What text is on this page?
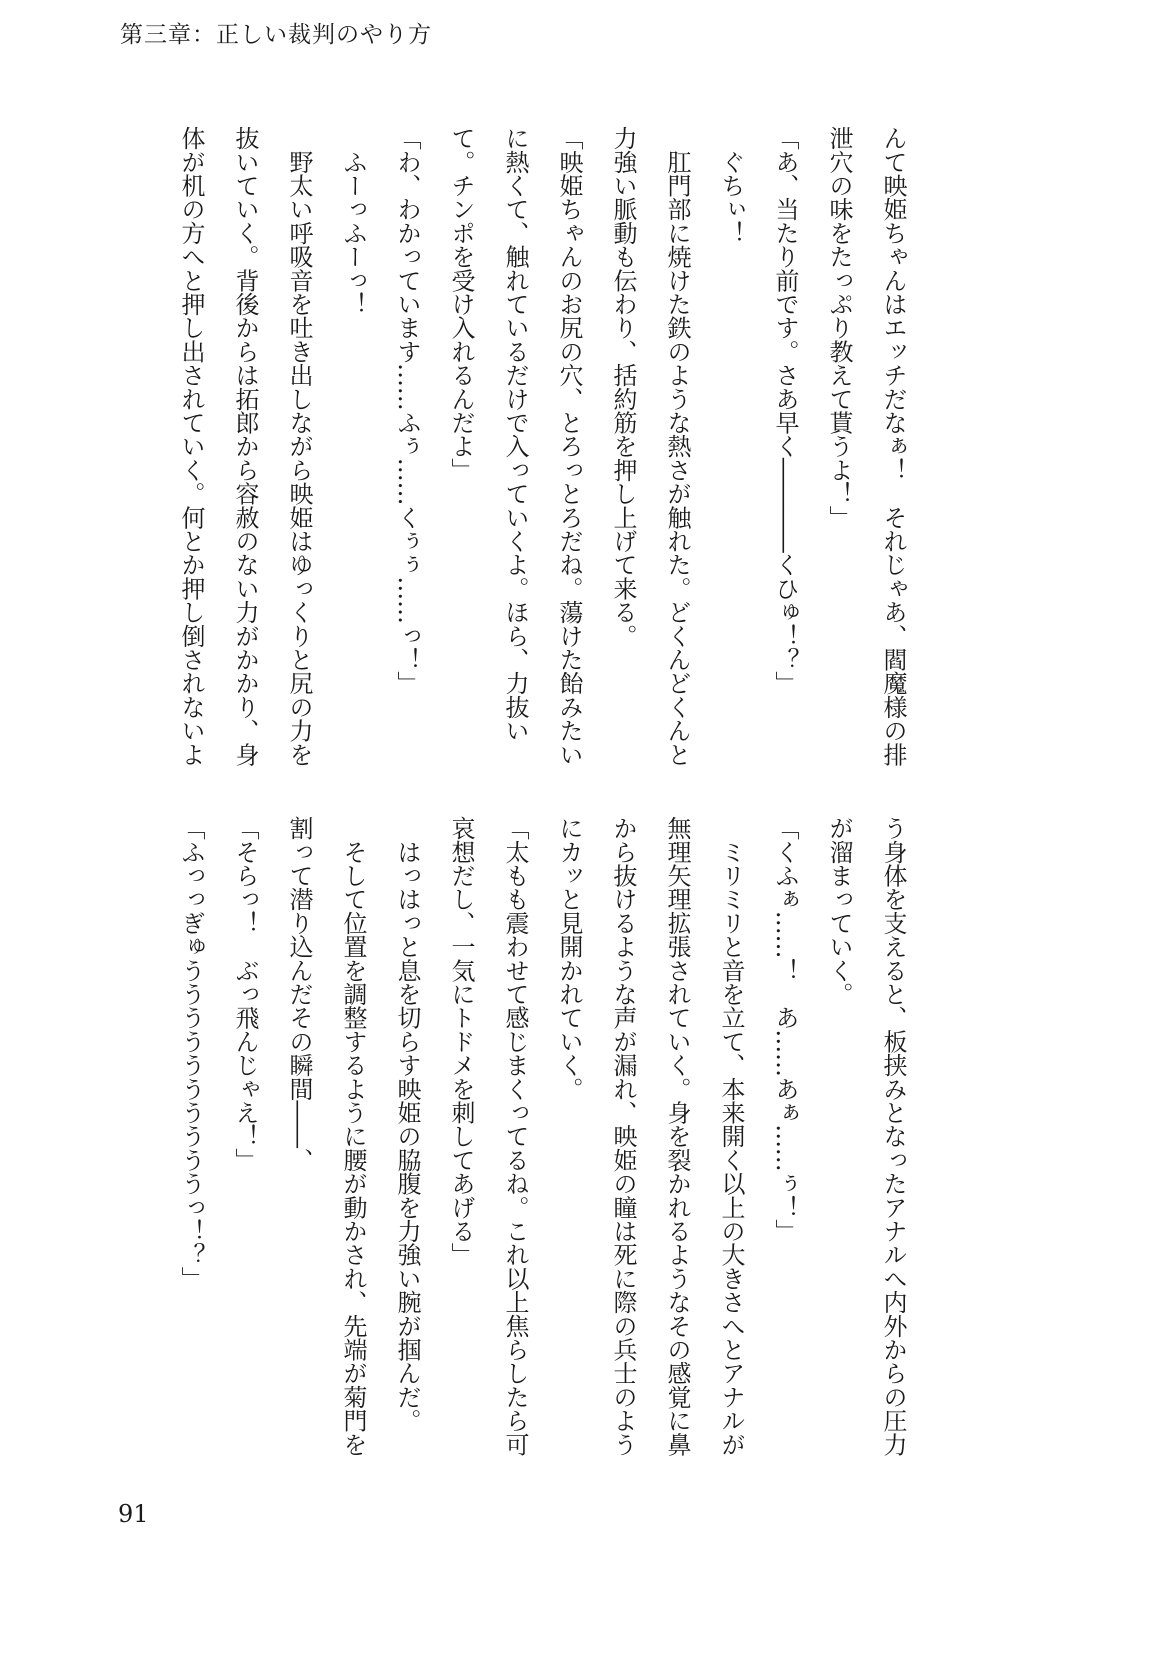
第三章：正しい裁判のやり方
んて映姫ちゃんはエッチだなぁ！　それじゃあ、閻魔様の排
泄穴の味をたっぷり教えて貰うよ！」
「あ、当たり前です。さあ早く――――くひゅ！？」
　ぐちぃ！
　肛門部に焼けた鉄のような熱さが触れた。どくんどくんと
力強い脈動も伝わり、括約筋を押し上げて来る。
「映姫ちゃんのお尻の穴、とろっとろだね。蕩けた飴みたい
に熱くて、触れているだけで入っていくよ。ほら、力抜い
て。チンポを受け入れるんだよ」
「わ、わかっています……ふぅ……くぅぅ……っ！」
　ふーっふーっ！
　野太い呼吸音を吐き出しながら映姫はゆっくりと尻の力を
抜いていく。背後からは拓郎から容赦のない力がかかり、身
体が机の方へと押し出されていく。何とか押し倒されないよ
う身体を支えると、板挟みとなったアナルへ内外からの圧力
が溜まっていく。
「くふぁ……！　あ……あぁ……ぅ！」
　ミリミリと音を立て、本来開く以上の大きさへとアナルが
無理矢理拡張されていく。身を裂かれるようなその感覚に鼻
から抜けるような声が漏れ、映姫の瞳は死に際の兵士のよう
にカッと見開かれていく。
「太もも震わせて感じまくってるね。これ以上焦らしたら可
哀想だし、一気にトドメを刺してあげる」
　はっはっと息を切らす映姫の脇腹を力強い腕が掴んだ。
　そして位置を調整するように腰が動かされ、先端が菊門を
割って潜り込んだその瞬間――、
「そらっ！　ぶっ飛んじゃえ！」
「ふっっぎゅううううううううううっ！？」
91
